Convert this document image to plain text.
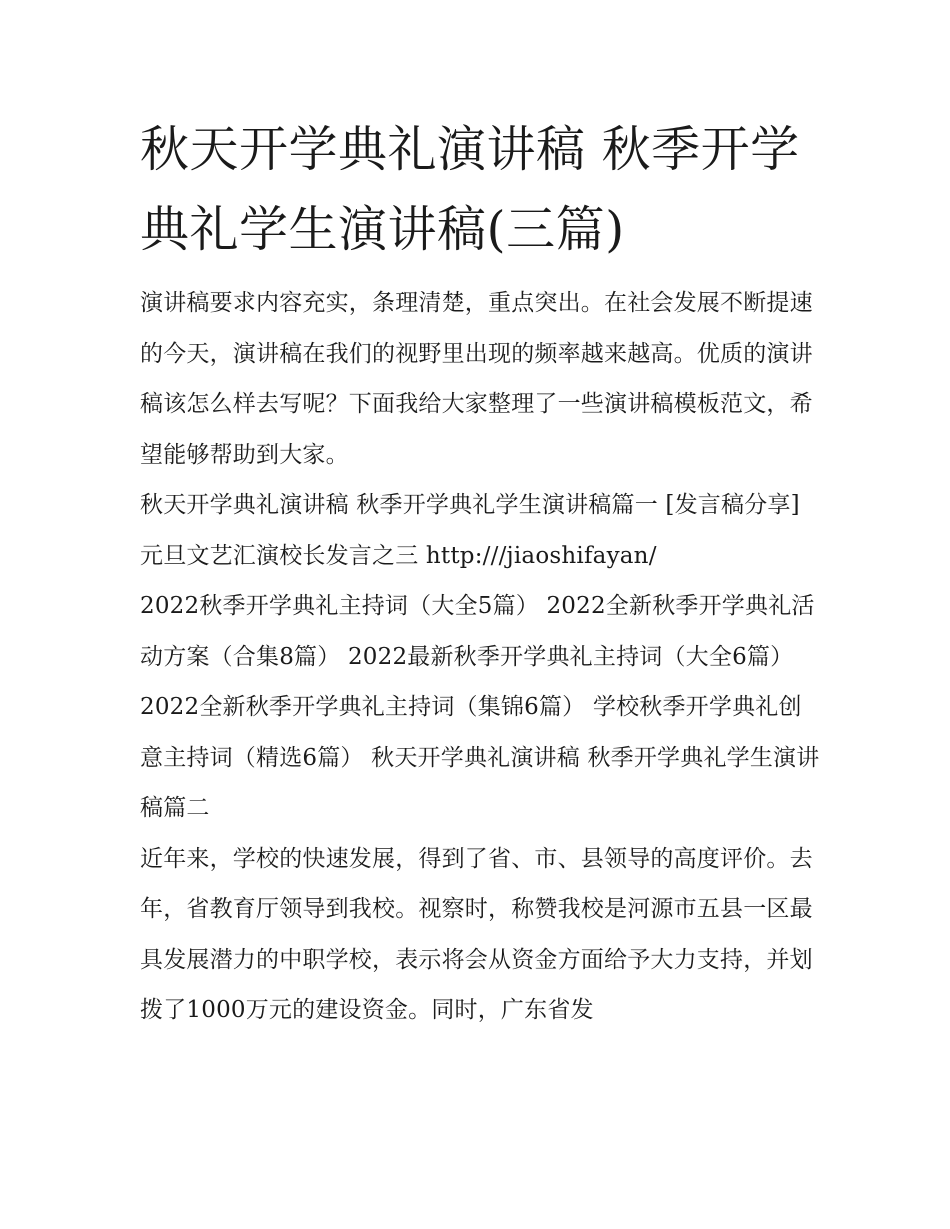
秋天开学典礼演讲稿 秋季开学典礼学生演讲稿(三篇)

演讲稿要求内容充实，条理清楚，重点突出。在社会发展不断提速的今天，演讲稿在我们的视野里出现的频率越来越高。优质的演讲稿该怎么样去写呢？下面我给大家整理了一些演讲稿模板范文，希望能够帮助到大家。

秋天开学典礼演讲稿 秋季开学典礼学生演讲稿篇一 [发言稿分享] 元旦文艺汇演校长发言之三 http:///jiaoshifayan/

2022秋季开学典礼主持词（大全5篇） 2022全新秋季开学典礼活动方案（合集8篇） 2022最新秋季开学典礼主持词（大全6篇）

2022全新秋季开学典礼主持词（集锦6篇） 学校秋季开学典礼创意主持词（精选6篇） 秋天开学典礼演讲稿 秋季开学典礼学生演讲稿篇二

近年来，学校的快速发展，得到了省、市、县领导的高度评价。去年，省教育厅领导到我校。视察时，称赞我校是河源市五县一区最具发展潜力的中职学校，表示将会从资金方面给予大力支持，并划拨了1000万元的建设资金。同时，广东省发
